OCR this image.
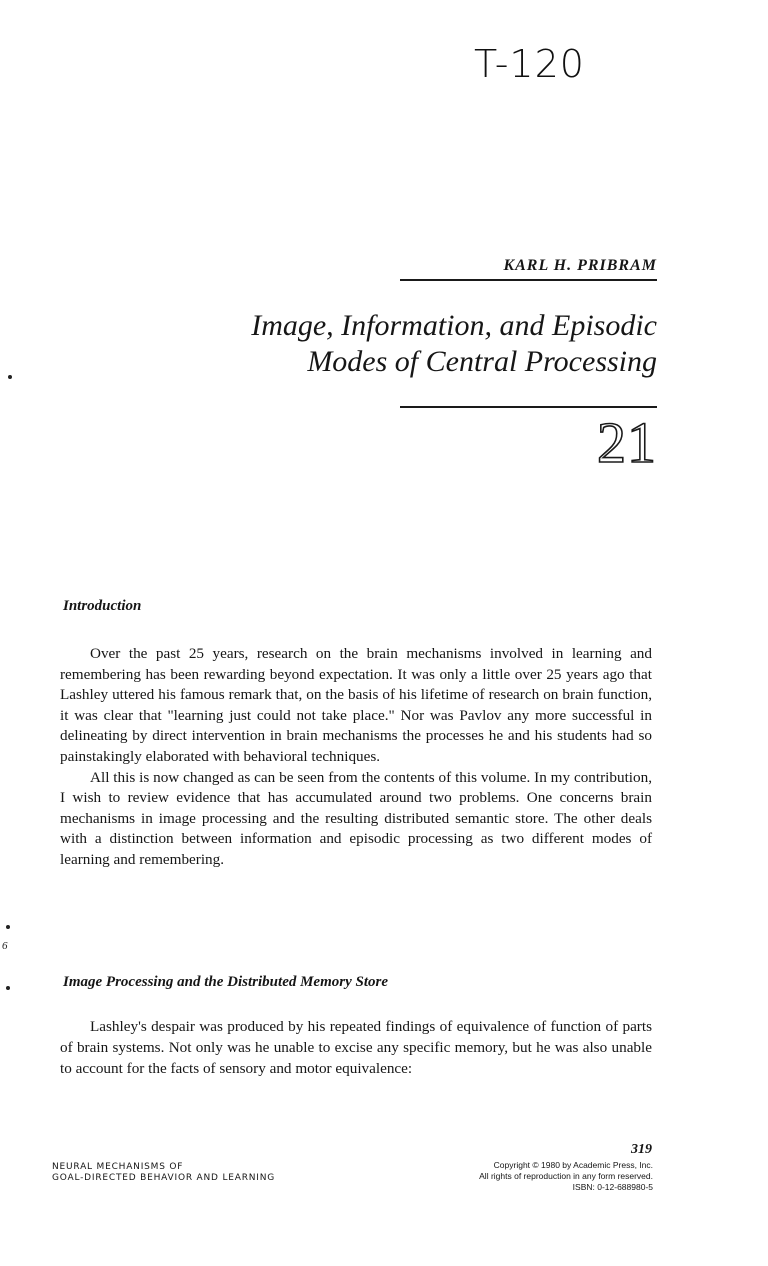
T-120
KARL H. PRIBRAM
Image, Information, and Episodic
Modes of Central Processing
21
Introduction

Over the past 25 years, research on the brain mechanisms involved in learning and remembering has been rewarding beyond expectation. It was only a little over 25 years ago that Lashley uttered his famous remark that, on the basis of his lifetime of research on brain function, it was clear that "learning just could not take place." Nor was Pavlov any more successful in delineating by direct intervention in brain mechanisms the processes he and his students had so painstakingly elaborated with behavioral techniques.

All this is now changed as can be seen from the contents of this volume. In my contribution, I wish to review evidence that has accumulated around two problems. One concerns brain mechanisms in image processing and the resulting distributed semantic store. The other deals with a distinction between information and episodic processing as two different modes of learning and remembering.

Image Processing and the Distributed Memory Store

Lashley's despair was produced by his repeated findings of equivalence of function of parts of brain systems. Not only was he unable to excise any specific memory, but he was also unable to account for the facts of sensory and motor equivalence:

319
NEURAL MECHANISMS OF
GOAL-DIRECTED BEHAVIOR AND LEARNING
Copyright © 1980 by Academic Press, Inc.
All rights of reproduction in any form reserved.
ISBN: 0-12-688980-5
6
